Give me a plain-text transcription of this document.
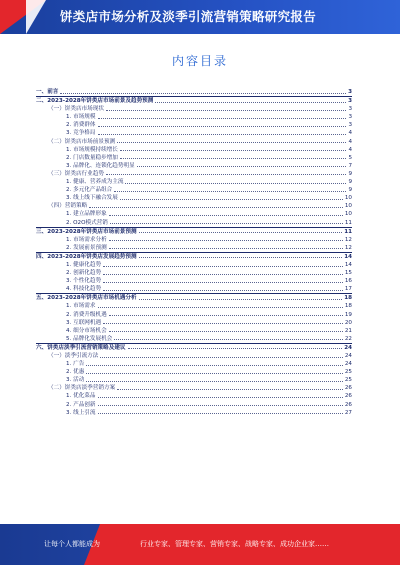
饼类店市场分析及淡季引流营销策略研究报告
内容目录
一、前言	3
二、2023-2028年饼类店市场前景及趋势预测	3
（一）饼类店市场现状	3
1. 市场规模	3
2. 消费群体	3
3. 竞争格局	4
（二）饼类店市场前景预测	4
1. 市场规模持续增长	4
2. 门店数量稳步增加	5
3. 品牌化、连锁化趋势明显	7
（三）饼类店行业趋势	9
1. 健康、营养成为主流	9
2. 多元化产品组合	9
3. 线上线下融合发展	10
（四）营销策略	10
1. 建立品牌形象	10
2. O2O模式营销	11
三、2023-2028年饼类店市场前景预测	11
1. 市场需求分析	12
2. 发展前景预测	12
四、2023-2028年饼类店发展趋势预测	14
1. 健康化趋势	14
2. 创新化趋势	15
3. 个性化趋势	16
4. 科技化趋势	17
五、2023-2028年饼类店市场机遇分析	18
1. 市场需求	18
2. 消费升级机遇	19
3. 互联网机遇	20
4. 细分市场机会	21
5. 品牌化发展机会	22
六、饼类店淡季引流营销策略及建议	24
（一）淡季引流方法	24
1. 广告	24
2. 优惠	25
3. 活动	25
（二）饼类店淡季营销方案	26
1. 优化菜品	26
2. 产品创新	26
3. 线上引流	27
让每个人都能成为	行业专家、管理专家、营销专家、战略专家、成功企业家……
